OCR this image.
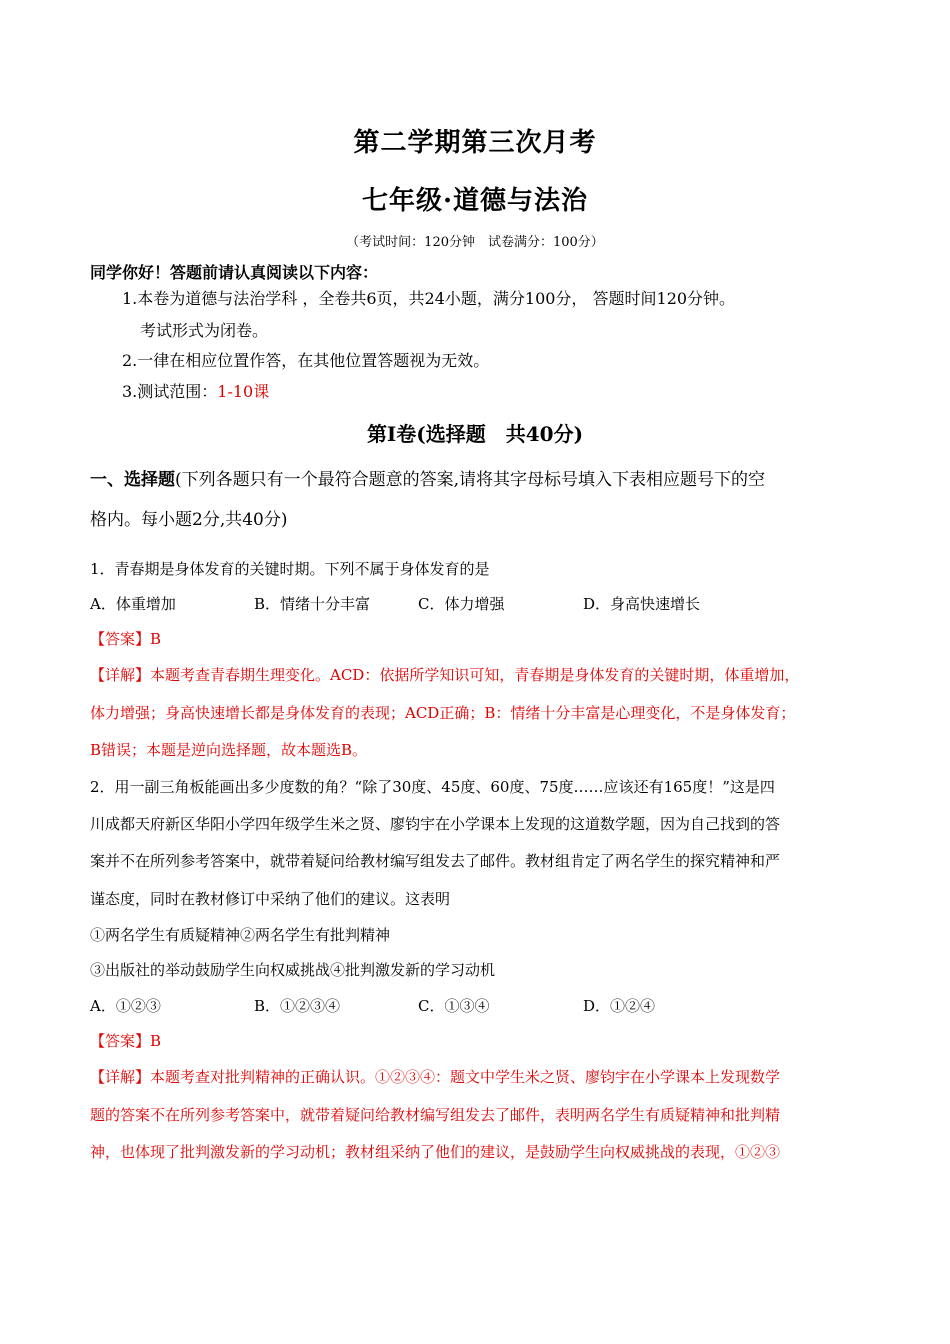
第二学期第三次月考
七年级·道德与法治
（考试时间：120分钟　试卷满分：100分）
同学你好！答题前请认真阅读以下内容：
1.本卷为道德与法治学科 ，全卷共6页，共24小题，满分100分， 答题时间120分钟。
考试形式为闭卷。
2.一律在相应位置作答，在其他位置答题视为无效。
3.测试范围：1-10课
第Ⅰ卷(选择题　共40分)
一、选择题(下列各题只有一个最符合题意的答案,请将其字母标号填入下表相应题号下的空
格内。每小题2分,共40分)
1．青春期是身体发育的关键时期。下列不属于身体发育的是
A．体重增加	B．情绪十分丰富	C．体力增强	D．身高快速增长
【答案】B
【详解】本题考查青春期生理变化。ACD：依据所学知识可知，青春期是身体发育的关键时期，体重增加，
体力增强；身高快速增长都是身体发育的表现；ACD正确；B：情绪十分丰富是心理变化，不是身体发育；
B错误；本题是逆向选择题，故本题选B。
2．用一副三角板能画出多少度数的角？“除了30度、45度、60度、75度……应该还有165度！”这是四
川成都天府新区华阳小学四年级学生米之贤、廖钧宇在小学课本上发现的这道数学题，因为自己找到的答
案并不在所列参考答案中，就带着疑问给教材编写组发去了邮件。教材组肯定了两名学生的探究精神和严
谨态度，同时在教材修订中采纳了他们的建议。这表明
①两名学生有质疑精神②两名学生有批判精神
③出版社的举动鼓励学生向权威挑战④批判激发新的学习动机
A．①②③	B．①②③④	C．①③④	D．①②④
【答案】B
【详解】本题考查对批判精神的正确认识。①②③④：题文中学生米之贤、廖钧宇在小学课本上发现数学
题的答案不在所列参考答案中，就带着疑问给教材编写组发去了邮件，表明两名学生有质疑精神和批判精
神，也体现了批判激发新的学习动机；教材组采纳了他们的建议，是鼓励学生向权威挑战的表现，①②③
